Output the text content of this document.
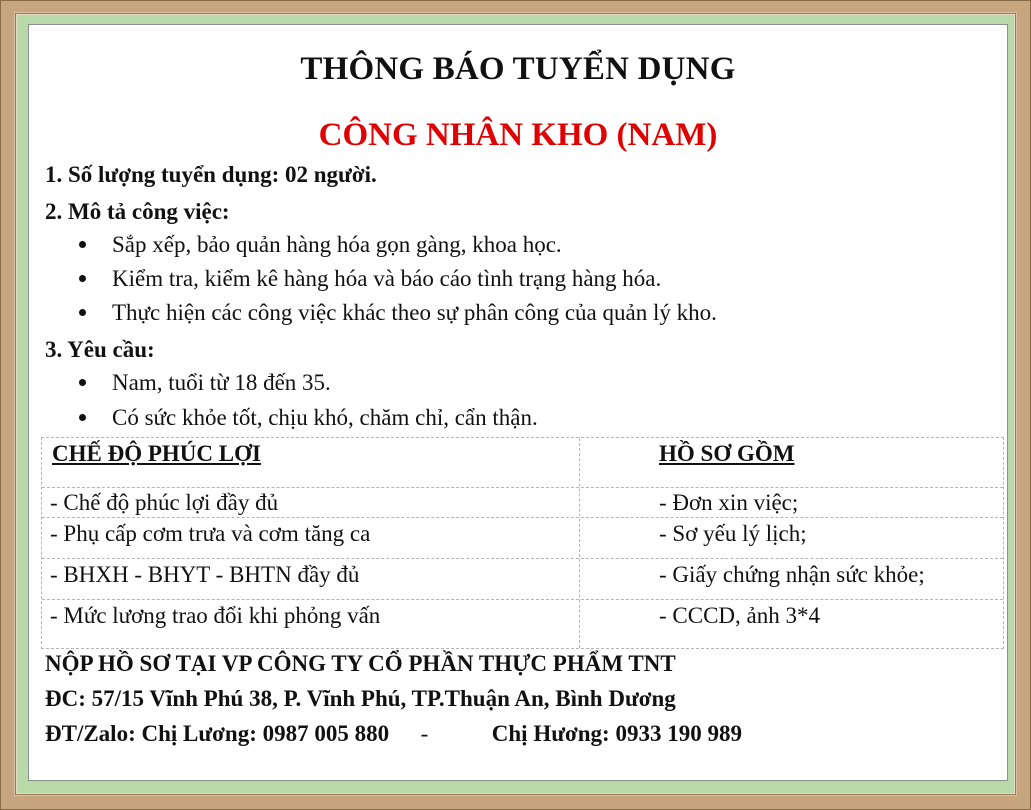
THÔNG BÁO TUYỂN DỤNG
CÔNG NHÂN KHO (NAM)
1. Số lượng tuyển dụng: 02 người.
2. Mô tả công việc:
Sắp xếp, bảo quản hàng hóa gọn gàng, khoa học.
Kiểm tra, kiểm kê hàng hóa và báo cáo tình trạng hàng hóa.
Thực hiện các công việc khác theo sự phân công của quản lý kho.
3. Yêu cầu:
Nam, tuổi từ 18 đến 35.
Có sức khỏe tốt, chịu khó, chăm chỉ, cẩn thận.
CHẾ ĐỘ PHÚC LỢI	HỒ SƠ GỒM
- Chế độ phúc lợi đầy đủ	- Đơn xin việc;
- Phụ cấp cơm trưa và cơm tăng ca	- Sơ yếu lý lịch;
- BHXH - BHYT - BHTN đầy đủ	- Giấy chứng nhận sức khỏe;
- Mức lương trao đổi khi phỏng vấn	- CCCD, ảnh 3*4
NỘP HỒ SƠ TẠI VP CÔNG TY CỔ PHẦN THỰC PHẨM TNT
ĐC: 57/15 Vĩnh Phú 38, P. Vĩnh Phú, TP.Thuận An, Bình Dương
ĐT/Zalo: Chị Lương: 0987 005 880 -	Chị Hương: 0933 190 989
